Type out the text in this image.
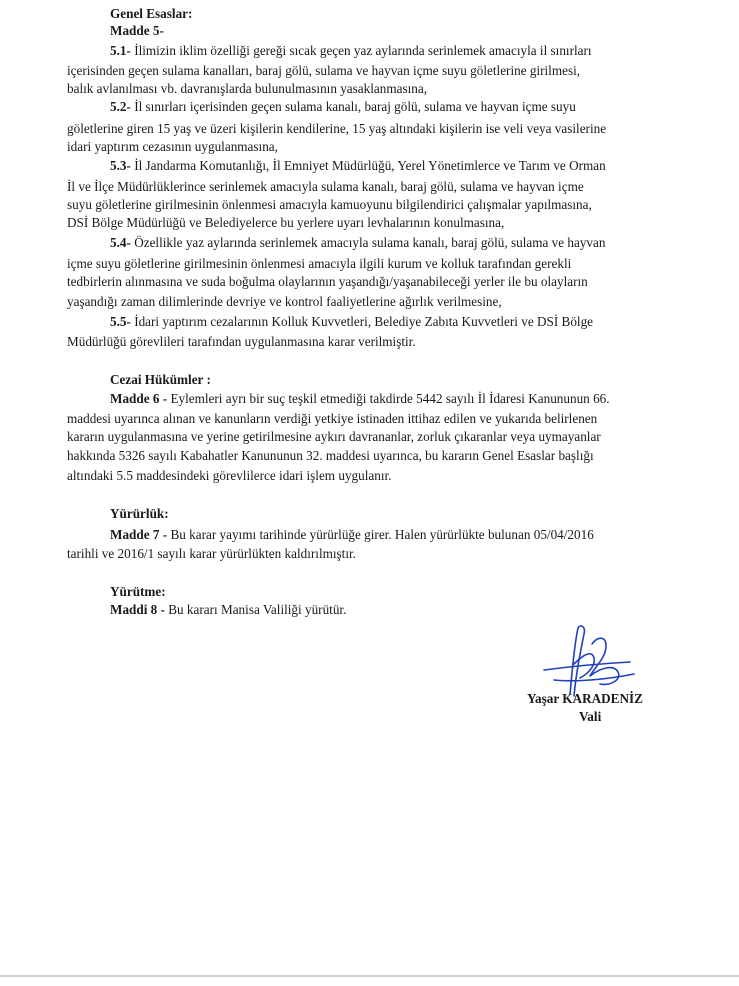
Genel Esaslar:
Madde 5-
5.1- İlimizin iklim özelliği gereği sıcak geçen yaz aylarında serinlemek amacıyla il sınırları
içerisinden geçen sulama kanalları, baraj gölü, sulama ve hayvan içme suyu göletlerine girilmesi,
balık avlanılması vb. davranışlarda bulunulmasının yasaklanmasına,
5.2- İl sınırları içerisinden geçen sulama kanalı, baraj gölü, sulama ve hayvan içme suyu
göletlerine giren 15 yaş ve üzeri kişilerin kendilerine, 15 yaş altındaki kişilerin ise veli veya vasilerine
idari yaptırım cezasının uygulanmasına,
5.3- İl Jandarma Komutanlığı, İl Emniyet Müdürlüğü, Yerel Yönetimlerce ve Tarım ve Orman
İl ve İlçe Müdürlüklerince serinlemek amacıyla sulama kanalı, baraj gölü, sulama ve hayvan içme
suyu göletlerine girilmesinin önlenmesi amacıyla kamuoyunu bilgilendirici çalışmalar yapılmasına,
DSİ Bölge Müdürlüğü ve Belediyelerce bu yerlere uyarı levhalarının konulmasına,
5.4- Özellikle yaz aylarında serinlemek amacıyla sulama kanalı, baraj gölü, sulama ve hayvan
içme suyu göletlerine girilmesinin önlenmesi amacıyla ilgili kurum ve kolluk tarafından gerekli
tedbirlerin alınmasına ve suda boğulma olaylarının yaşandığı/yaşanabileceği yerler ile bu olayların
yaşandığı zaman dilimlerinde devriye ve kontrol faaliyetlerine ağırlık verilmesine,
5.5- İdari yaptırım cezalarının Kolluk Kuvvetleri, Belediye Zabıta Kuvvetleri ve DSİ Bölge
Müdürlüğü görevlileri tarafından uygulanmasına karar verilmiştir.
Cezai Hükümler :
Madde 6 - Eylemleri ayrı bir suç teşkil etmediği takdirde 5442 sayılı İl İdaresi Kanununun 66.
maddesi uyarınca alınan ve kanunların verdiği yetkiye istinaden ittihaz edilen ve yukarıda belirlenen
kararın uygulanmasına ve yerine getirilmesine aykırı davrananlar, zorluk çıkaranlar veya uymayanlar
hakkında 5326 sayılı Kabahatler Kanununun 32. maddesi uyarınca, bu kararın Genel Esaslar başlığı
altındaki 5.5 maddesindeki görevlilerce idari işlem uygulanır.
Yürürlük:
Madde 7 - Bu karar yayımı tarihinde yürürlüğe girer. Halen yürürlükte bulunan 05/04/2016
tarihli ve 2016/1 sayılı karar yürürlükten kaldırılmıştır.
Yürütme:
Maddi 8 - Bu kararı Manisa Valiliği yürütür.
Yaşar KARADENİZ
Vali
